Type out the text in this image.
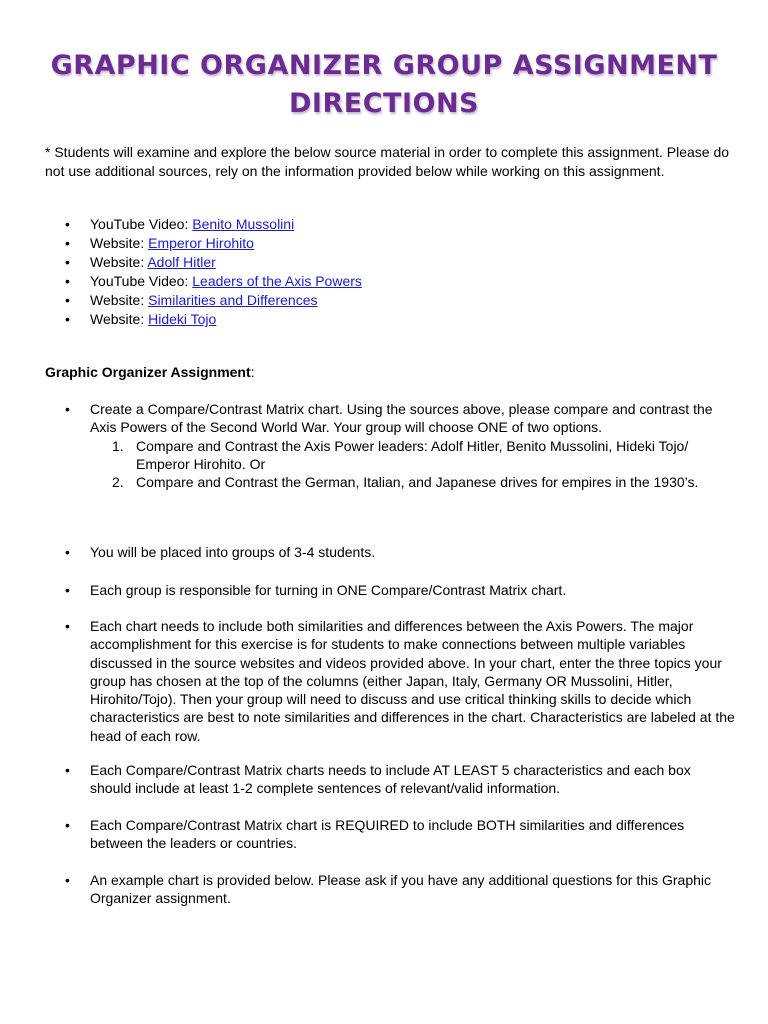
GRAPHIC ORGANIZER GROUP ASSIGNMENT
DIRECTIONS
* Students will examine and explore the below source material in order to complete this assignment. Please do not use additional sources, rely on the information provided below while working on this assignment.
• YouTube Video: Benito Mussolini
• Website: Emperor Hirohito
• Website: Adolf Hitler
• YouTube Video: Leaders of the Axis Powers
• Website: Similarities and Differences
• Website: Hideki Tojo
Graphic Organizer Assignment:
• Create a Compare/Contrast Matrix chart. Using the sources above, please compare and contrast the Axis Powers of the Second World War. Your group will choose ONE of two options.
1. Compare and Contrast the Axis Power leaders: Adolf Hitler, Benito Mussolini, Hideki Tojo/ Emperor Hirohito. Or
2. Compare and Contrast the German, Italian, and Japanese drives for empires in the 1930’s.
• You will be placed into groups of 3-4 students.
• Each group is responsible for turning in ONE Compare/Contrast Matrix chart.
• Each chart needs to include both similarities and differences between the Axis Powers. The major accomplishment for this exercise is for students to make connections between multiple variables discussed in the source websites and videos provided above. In your chart, enter the three topics your group has chosen at the top of the columns (either Japan, Italy, Germany OR Mussolini, Hitler, Hirohito/Tojo). Then your group will need to discuss and use critical thinking skills to decide which characteristics are best to note similarities and differences in the chart. Characteristics are labeled at the head of each row.
• Each Compare/Contrast Matrix charts needs to include AT LEAST 5 characteristics and each box should include at least 1-2 complete sentences of relevant/valid information.
• Each Compare/Contrast Matrix chart is REQUIRED to include BOTH similarities and differences between the leaders or countries.
• An example chart is provided below. Please ask if you have any additional questions for this Graphic Organizer assignment.
